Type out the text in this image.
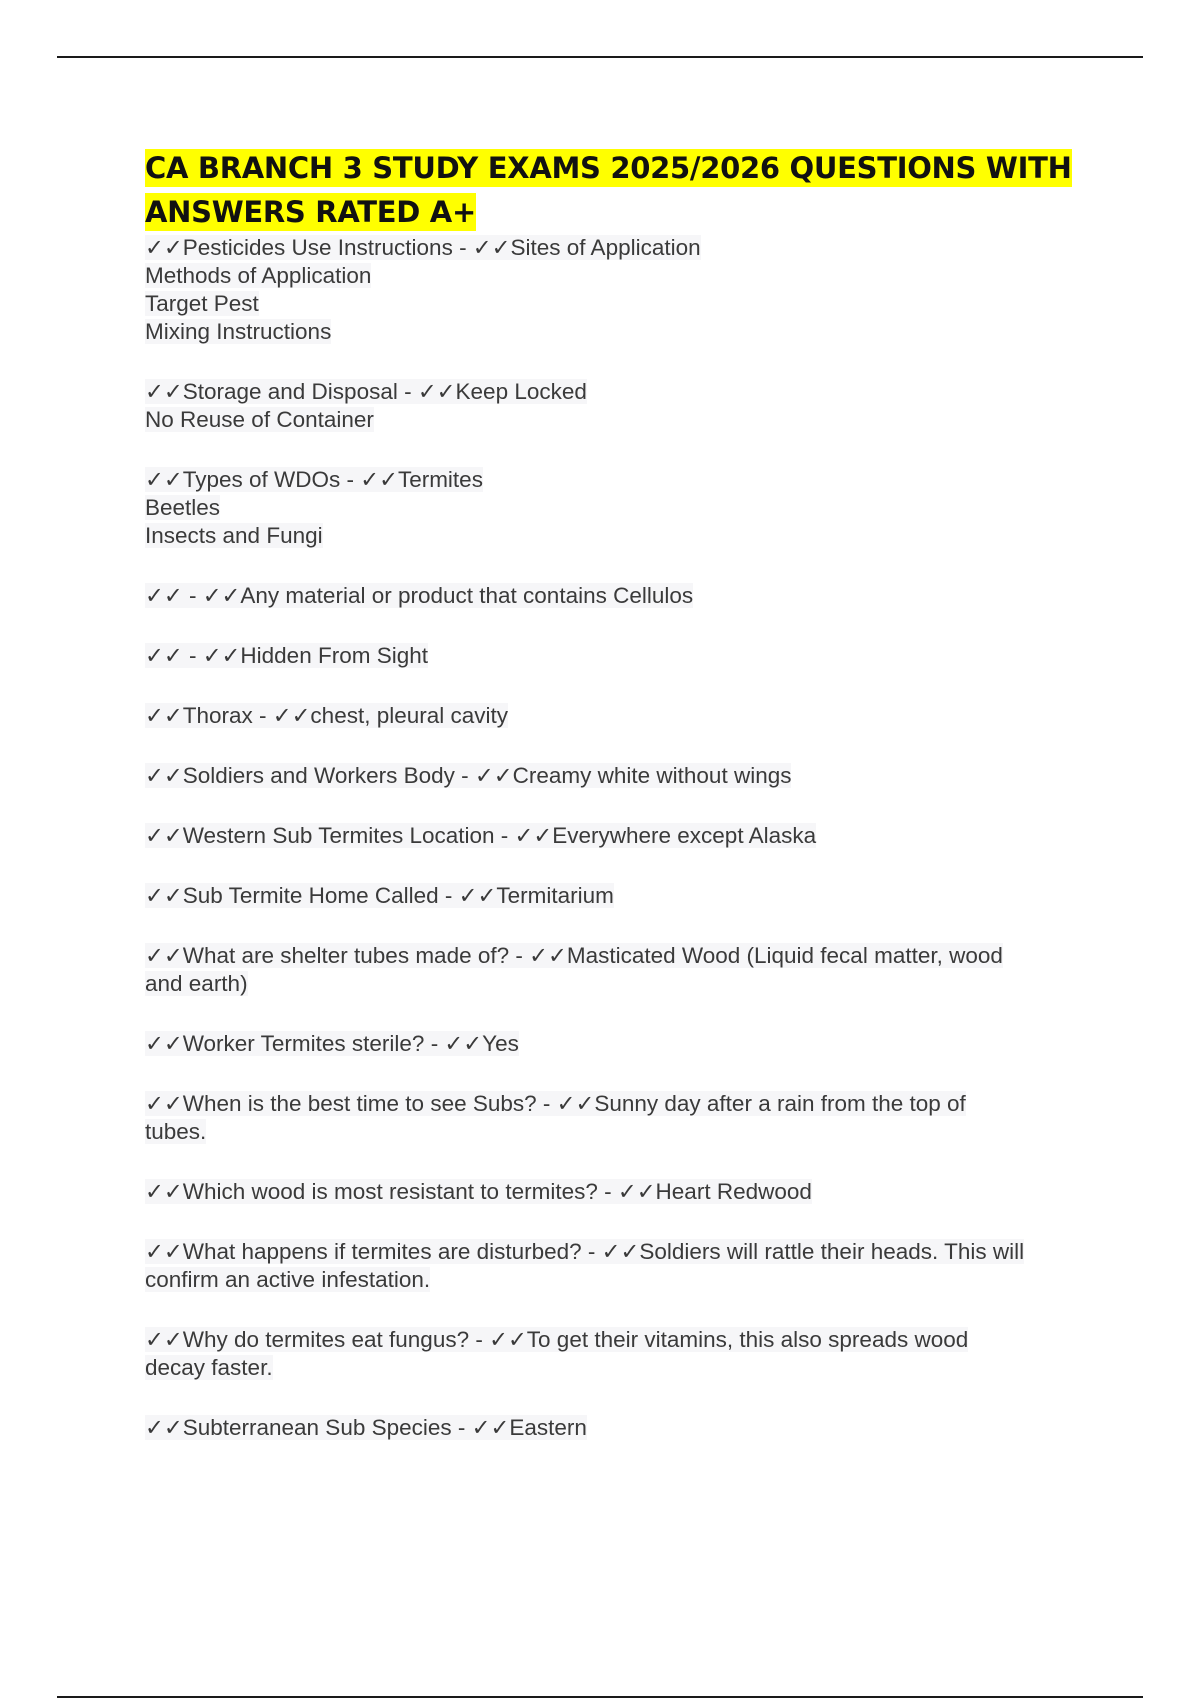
CA BRANCH 3 STUDY EXAMS 2025/2026 QUESTIONS WITH
ANSWERS RATED A+

✓✓Pesticides Use Instructions - ✓✓Sites of Application
Methods of Application
Target Pest
Mixing Instructions

✓✓Storage and Disposal - ✓✓Keep Locked
No Reuse of Container

✓✓Types of WDOs - ✓✓Termites
Beetles
Insects and Fungi

✓✓ - ✓✓Any material or product that contains Cellulos

✓✓ - ✓✓Hidden From Sight

✓✓Thorax - ✓✓chest, pleural cavity

✓✓Soldiers and Workers Body - ✓✓Creamy white without wings

✓✓Western Sub Termites Location - ✓✓Everywhere except Alaska

✓✓Sub Termite Home Called - ✓✓Termitarium

✓✓What are shelter tubes made of? - ✓✓Masticated Wood (Liquid fecal matter, wood
and earth)

✓✓Worker Termites sterile? - ✓✓Yes

✓✓When is the best time to see Subs? - ✓✓Sunny day after a rain from the top of
tubes.

✓✓Which wood is most resistant to termites? - ✓✓Heart Redwood

✓✓What happens if termites are disturbed? - ✓✓Soldiers will rattle their heads. This will
confirm an active infestation.

✓✓Why do termites eat fungus? - ✓✓To get their vitamins, this also spreads wood
decay faster.

✓✓Subterranean Sub Species - ✓✓Eastern
